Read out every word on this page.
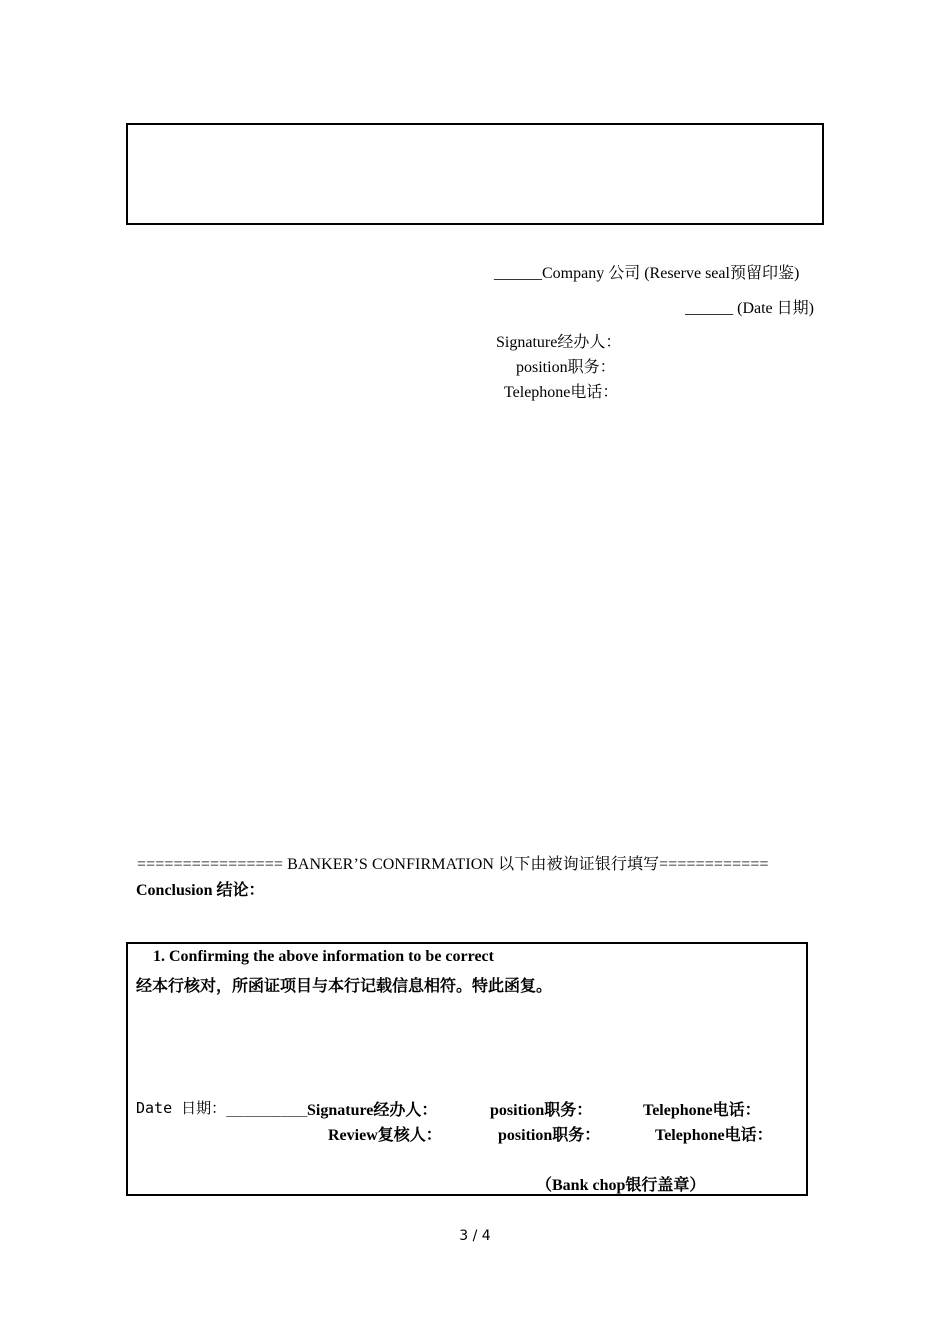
______Company 公司 (Reserve seal预留印鉴)
______ (Date 日期)
Signature经办人：
position职务：
Telephone电话：
================ BANKER’S CONFIRMATION 以下由被询证银行填写============
Conclusion 结论：
1. Confirming the above information to be correct
经本行核对，所函证项目与本行记载信息相符。特此函复。
Date 日期：_________ Signature经办人：	position职务：	Telephone电话：
Review复核人：	position职务：	Telephone电话：
（Bank chop银行盖章）
3 / 4
